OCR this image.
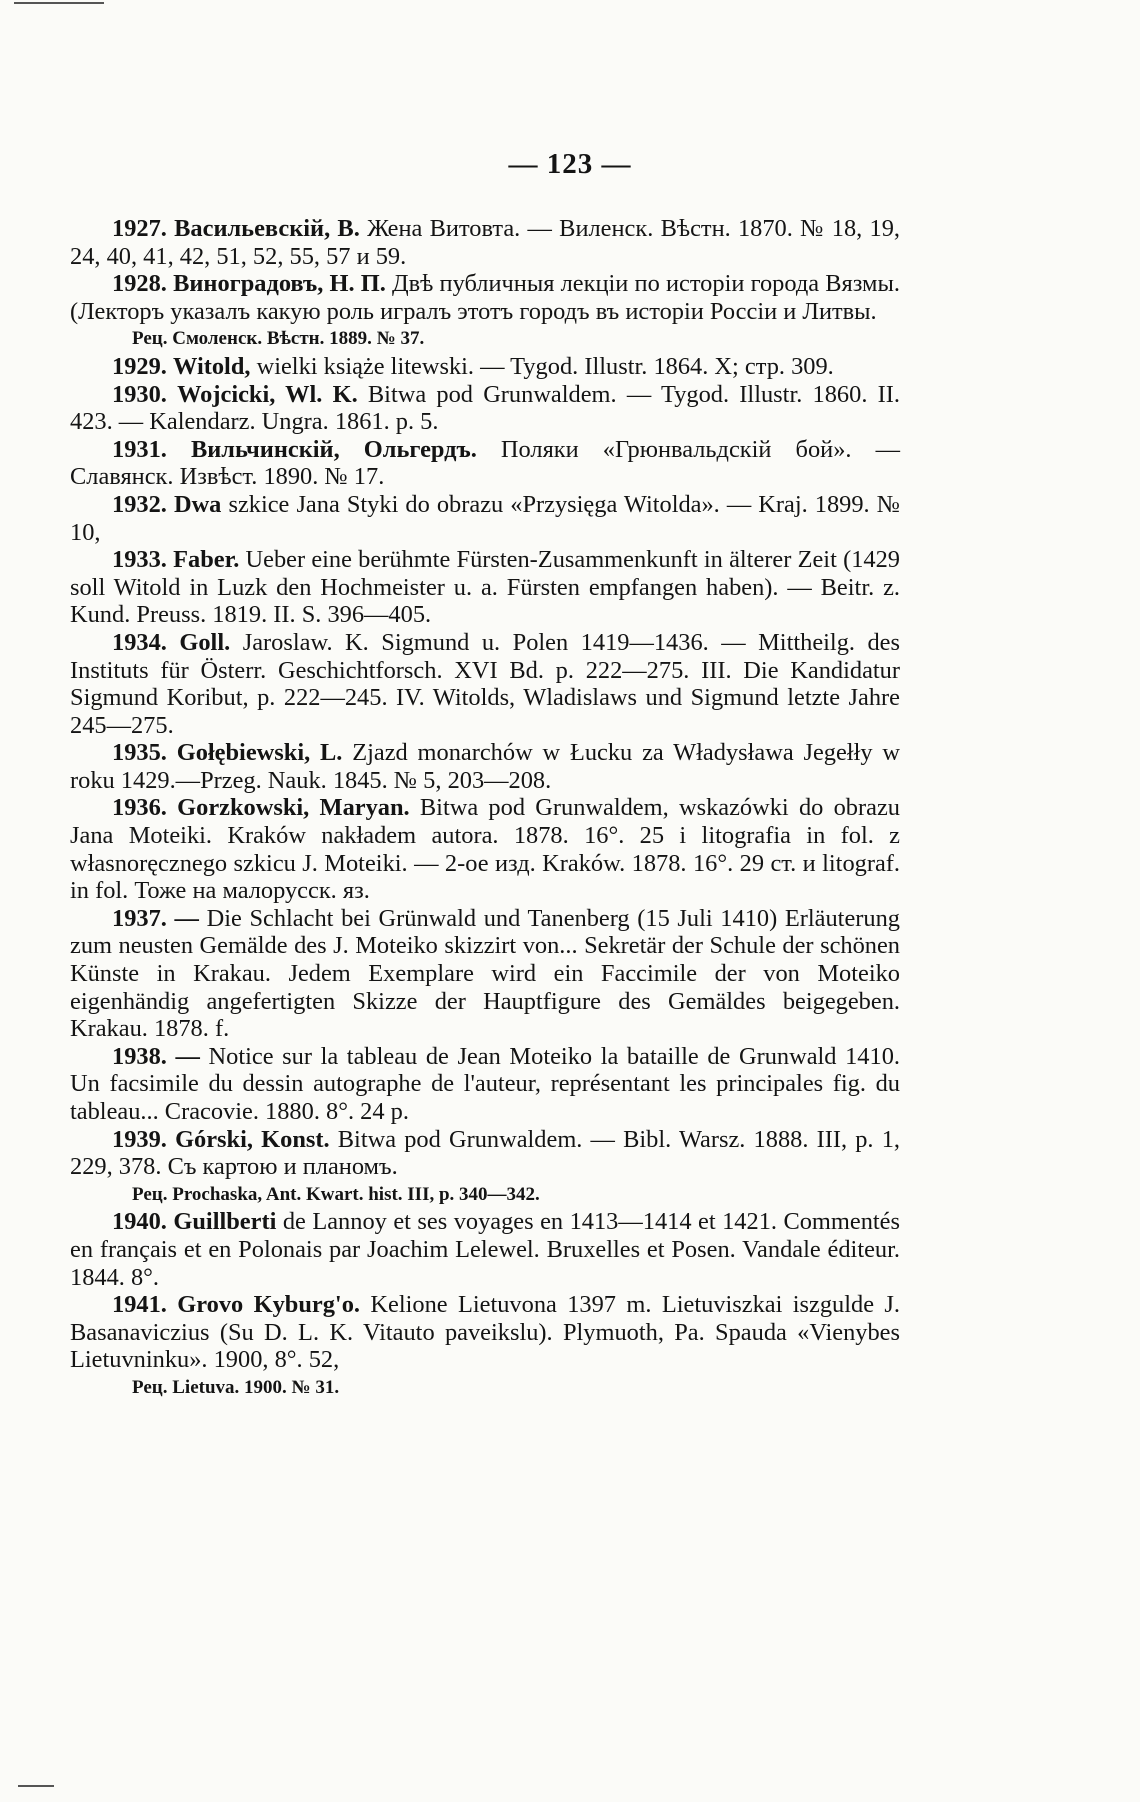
— 123 —
1927. Васильевскій, В. Жена Витовта. — Виленск. Вѣстн. 1870. № 18, 19, 24, 40, 41, 42, 51, 52, 55, 57 и 59.
1928. Виноградовъ, Н. П. Двѣ публичныя лекціи по исторіи города Вязмы. (Лекторъ указалъ какую роль игралъ этотъ городъ въ исторіи Россіи и Литвы.
Рец. Смоленск. Вѣстн. 1889. № 37.
1929. Witold, wielki książe litewski. — Tygod. Illustr. 1864. X; стр. 309.
1930. Wojcicki, Wl. K. Bitwa pod Grunwaldem. — Tygod. Illustr. 1860. II. 423. — Kalendarz. Ungra. 1861. p. 5.
1931. Вильчинскій, Ольгердъ. Поляки «Грюнвальдскій бой». — Славянск. Извѣст. 1890. № 17.
1932. Dwa szkice Jana Styki do obrazu «Przysięga Witolda». — Kraj. 1899. № 10,
1933. Faber. Ueber eine berühmte Fürsten-Zusammenkunft in älterer Zeit (1429 soll Witold in Luzk den Hochmeister u. a. Fürsten empfangen haben). — Beitr. z. Kund. Preuss. 1819. II. S. 396—405.
1934. Goll. Jaroslaw. K. Sigmund u. Polen 1419—1436. — Mittheilg. des Instituts für Österr. Geschichtforsch. XVI Bd. p. 222—275. III. Die Kandidatur Sigmund Koribut, p. 222—245. IV. Witolds, Wladislaws und Sigmund letzte Jahre 245—275.
1935. Gołębiewski, L. Zjazd monarchów w Łucku za Władysława Jegełły w roku 1429.—Przeg. Nauk. 1845. № 5, 203—208.
1936. Gorzkowski, Maryan. Bitwa pod Grunwaldem, wskazówki do obrazu Jana Moteiki. Kraków nakładem autora. 1878. 16°. 25 i litografia in fol. z własnoręcznego szkicu J. Moteiki. — 2-ое изд. Kraków. 1878. 16°. 29 ст. и litograf. in fol. Тоже на малорусск. яз.
1937. — Die Schlacht bei Grünwald und Tanenberg (15 Juli 1410) Erläuterung zum neusten Gemälde des J. Moteiko skizzirt von... Sekretär der Schule der schönen Künste in Krakau. Jedem Exemplare wird ein Faccimile der von Moteiko eigenhändig angefertigten Skizze der Hauptfigure des Gemäldes beigegeben. Krakau. 1878. f.
1938. — Notice sur la tableau de Jean Moteiko la bataille de Grunwald 1410. Un facsimile du dessin autographe de l'auteur, représentant les principales fig. du tableau... Cracovie. 1880. 8°. 24 p.
1939. Górski, Konst. Bitwa pod Grunwaldem. — Bibl. Warsz. 1888. III, p. 1, 229, 378. Съ картою и планомъ.
Рец. Prochaska, Ant. Kwart. hist. III, p. 340—342.
1940. Guillberti de Lannoy et ses voyages en 1413—1414 et 1421. Commentés en français et en Polonais par Joachim Lelewel. Bruxelles et Posen. Vandale éditeur. 1844. 8°.
1941. Grovo Kyburg'o. Kelione Lietuvona 1397 m. Lietuviszkai iszgulde J. Basanaviczius (Su D. L. K. Vitauto paveikslu). Plymuoth, Pa. Spauda «Vienybes Lietuvninku». 1900, 8°. 52,
Рец. Lietuva. 1900. № 31.
